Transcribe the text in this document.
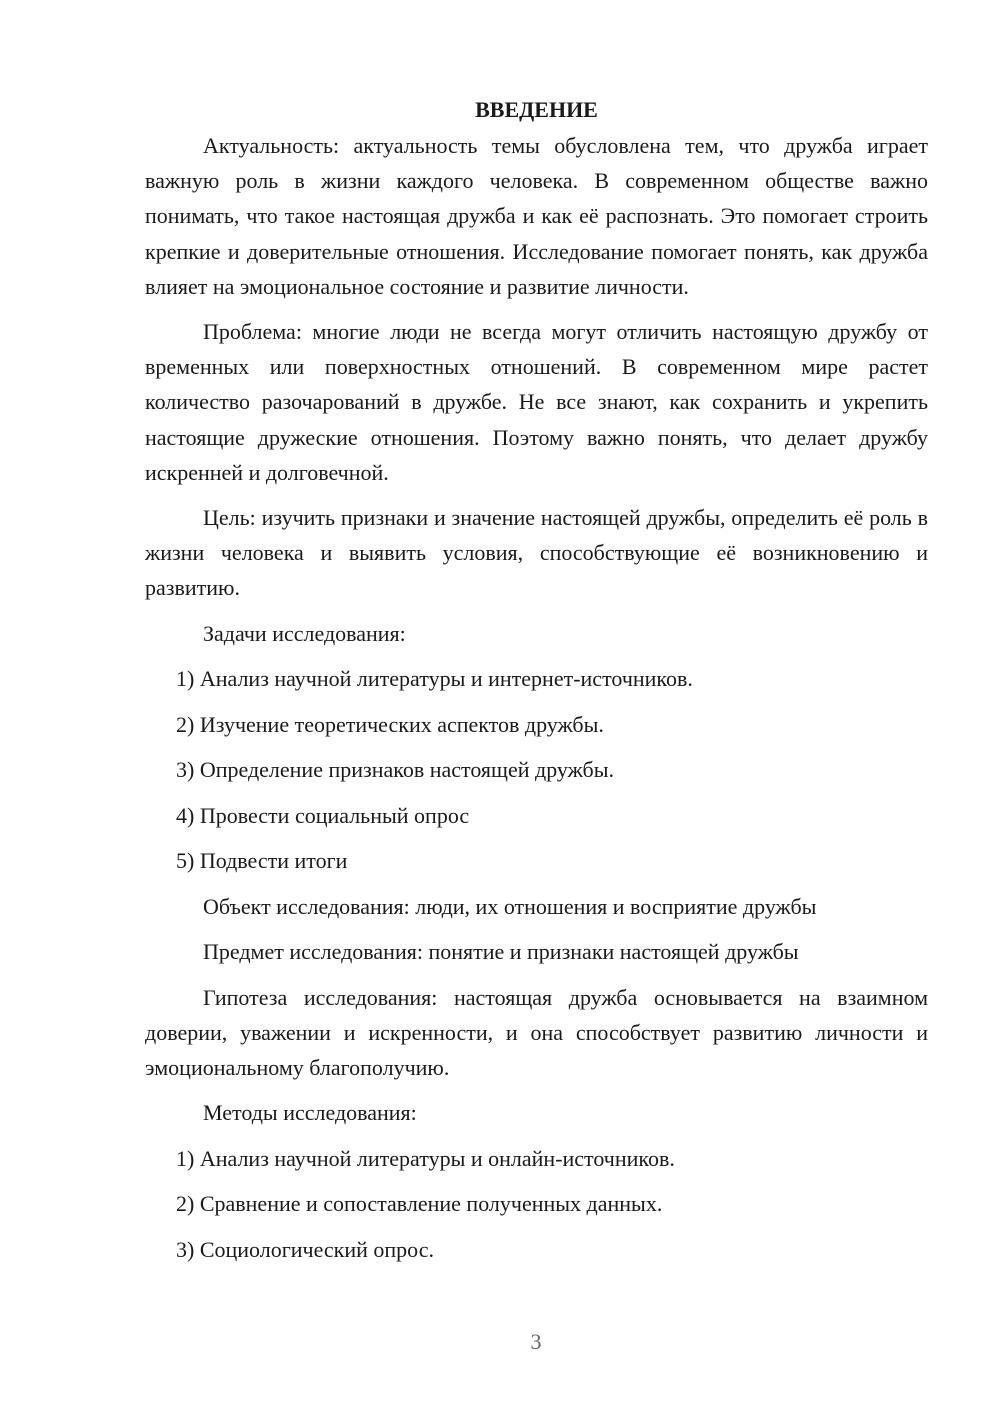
ВВЕДЕНИЕ

Актуальность: актуальность темы обусловлена тем, что дружба играет важную роль в жизни каждого человека. В современном обществе важно понимать, что такое настоящая дружба и как её распознать. Это помогает строить крепкие и доверительные отношения. Исследование помогает понять, как дружба влияет на эмоциональное состояние и развитие личности.

Проблема: многие люди не всегда могут отличить настоящую дружбу от временных или поверхностных отношений. В современном мире растет количество разочарований в дружбе. Не все знают, как сохранить и укрепить настоящие дружеские отношения. Поэтому важно понять, что делает дружбу искренней и долговечной.

Цель: изучить признаки и значение настоящей дружбы, определить её роль в жизни человека и выявить условия, способствующие её возникновению и развитию.

Задачи исследования:
1) Анализ научной литературы и интернет-источников.
2) Изучение теоретических аспектов дружбы.
3) Определение признаков настоящей дружбы.
4) Провести социальный опрос
5) Подвести итоги
Объект исследования: люди, их отношения и восприятие дружбы
Предмет исследования: понятие и признаки настоящей дружбы

Гипотеза исследования: настоящая дружба основывается на взаимном доверии, уважении и искренности, и она способствует развитию личности и эмоциональному благополучию.

Методы исследования:
1) Анализ научной литературы и онлайн-источников.
2) Сравнение и сопоставление полученных данных.
3) Социологический опрос.
3
